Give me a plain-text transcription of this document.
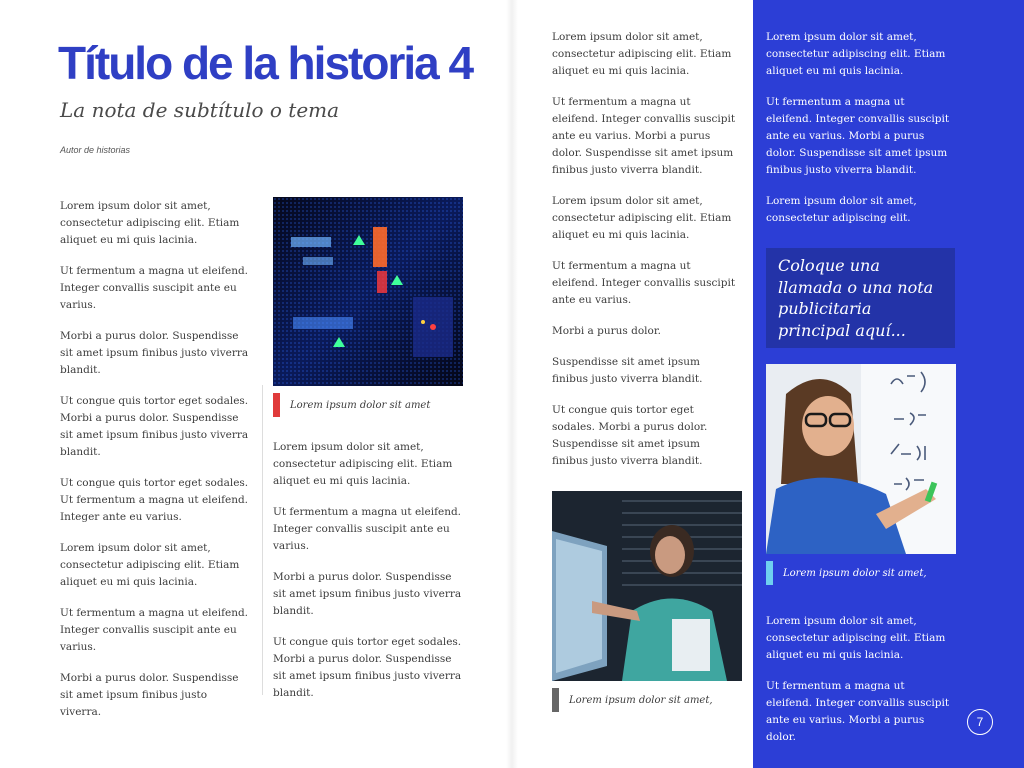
Título de la historia 4
La nota de subtítulo o tema
Autor de historias

Lorem ipsum dolor sit amet, consectetur adipiscing elit. Etiam aliquet eu mi quis lacinia.

Ut fermentum a magna ut eleifend. Integer convallis suscipit ante eu varius.

Morbi a purus dolor. Suspendisse sit amet ipsum finibus justo viverra blandit.

Ut congue quis tortor eget sodales. Morbi a purus dolor. Suspendisse sit amet ipsum finibus justo viverra blandit.

Ut congue quis tortor eget sodales. Ut fermentum a magna ut eleifend. Integer ante eu varius.

Lorem ipsum dolor sit amet, consectetur adipiscing elit. Etiam aliquet eu mi quis lacinia.

Ut fermentum a magna ut eleifend. Integer convallis suscipit ante eu varius.

Morbi a purus dolor. Suspendisse sit amet ipsum finibus justo viverra.

Lorem ipsum dolor sit amet

Lorem ipsum dolor sit amet, consectetur adipiscing elit. Etiam aliquet eu mi quis lacinia.

Ut fermentum a magna ut eleifend. Integer convallis suscipit ante eu varius.

Morbi a purus dolor. Suspendisse sit amet ipsum finibus justo viverra blandit.

Ut congue quis tortor eget sodales. Morbi a purus dolor. Suspendisse sit amet ipsum finibus justo viverra blandit.

Lorem ipsum dolor sit amet, consectetur adipiscing elit. Etiam aliquet eu mi quis lacinia.

Ut fermentum a magna ut eleifend. Integer convallis suscipit ante eu varius. Morbi a purus dolor. Suspendisse sit amet ipsum finibus justo viverra blandit.

Lorem ipsum dolor sit amet, consectetur adipiscing elit. Etiam aliquet eu mi quis lacinia.

Ut fermentum a magna ut eleifend. Integer convallis suscipit ante eu varius.

Morbi a purus dolor.

Suspendisse sit amet ipsum finibus justo viverra blandit.

Ut congue quis tortor eget sodales. Morbi a purus dolor. Suspendisse sit amet ipsum finibus justo viverra blandit.

Lorem ipsum dolor sit amet,

Lorem ipsum dolor sit amet, consectetur adipiscing elit. Etiam aliquet eu mi quis lacinia.

Ut fermentum a magna ut eleifend. Integer convallis suscipit ante eu varius. Morbi a purus dolor. Suspendisse sit amet ipsum finibus justo viverra blandit.

Lorem ipsum dolor sit amet, consectetur adipiscing elit.

Coloque una llamada o una nota publicitaria principal aquí...
Lorem ipsum dolor sit amet,

Lorem ipsum dolor sit amet, consectetur adipiscing elit. Etiam aliquet eu mi quis lacinia.

Ut fermentum a magna ut eleifend. Integer convallis suscipit ante eu varius. Morbi a purus dolor.

7
